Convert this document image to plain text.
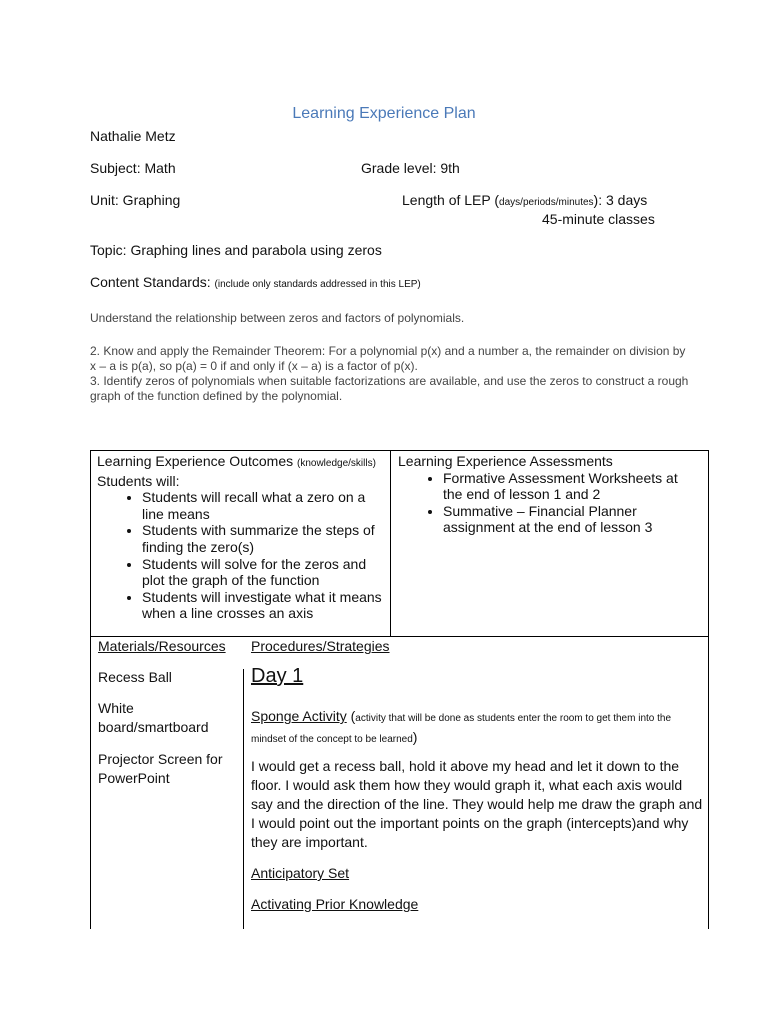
Learning Experience Plan
Nathalie Metz
Subject: Math	Grade level: 9th
Unit: Graphing	Length of LEP (days/periods/minutes): 3 days
45-minute classes
Topic: Graphing lines and parabola using zeros
Content Standards: (include only standards addressed in this LEP)
Understand the relationship between zeros and factors of polynomials.
2. Know and apply the Remainder Theorem: For a polynomial p(x) and a number a, the remainder on division by x – a is p(a), so p(a) = 0 if and only if (x – a) is a factor of p(x).
3. Identify zeros of polynomials when suitable factorizations are available, and use the zeros to construct a rough graph of the function defined by the polynomial.
Learning Experience Outcomes (knowledge/skills)
Students will:
• Students will recall what a zero on a line means
• Students with summarize the steps of finding the zero(s)
• Students will solve for the zeros and plot the graph of the function
• Students will investigate what it means when a line crosses an axis
Learning Experience Assessments
• Formative Assessment Worksheets at the end of lesson 1 and 2
• Summative – Financial Planner assignment at the end of lesson 3
Materials/Resources
Recess Ball
White board/smartboard
Projector Screen for PowerPoint
Procedures/Strategies
Day 1
Sponge Activity (activity that will be done as students enter the room to get them into the mindset of the concept to be learned)
I would get a recess ball, hold it above my head and let it down to the floor. I would ask them how they would graph it, what each axis would say and the direction of the line. They would help me draw the graph and I would point out the important points on the graph (intercepts)and why they are important.
Anticipatory Set
Activating Prior Knowledge
